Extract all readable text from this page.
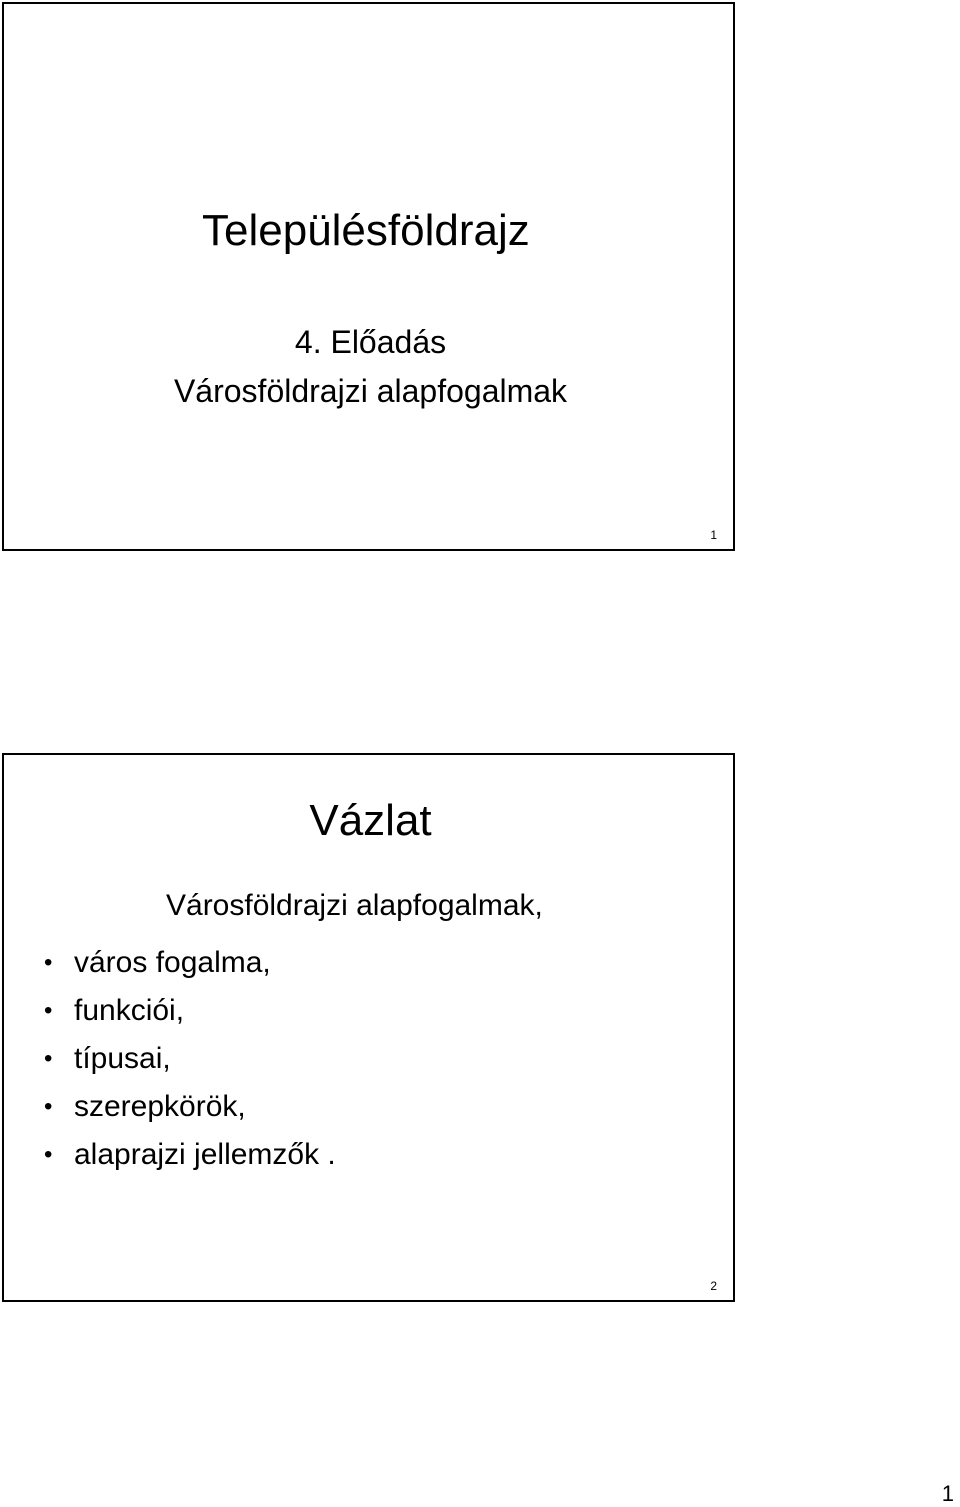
Településföldrajz
4. Előadás
Városföldrajzi alapfogalmak
1
Vázlat
Városföldrajzi alapfogalmak,
• város fogalma,
• funkciói,
• típusai,
• szerepkörök,
• alaprajzi jellemzők .
2
1
